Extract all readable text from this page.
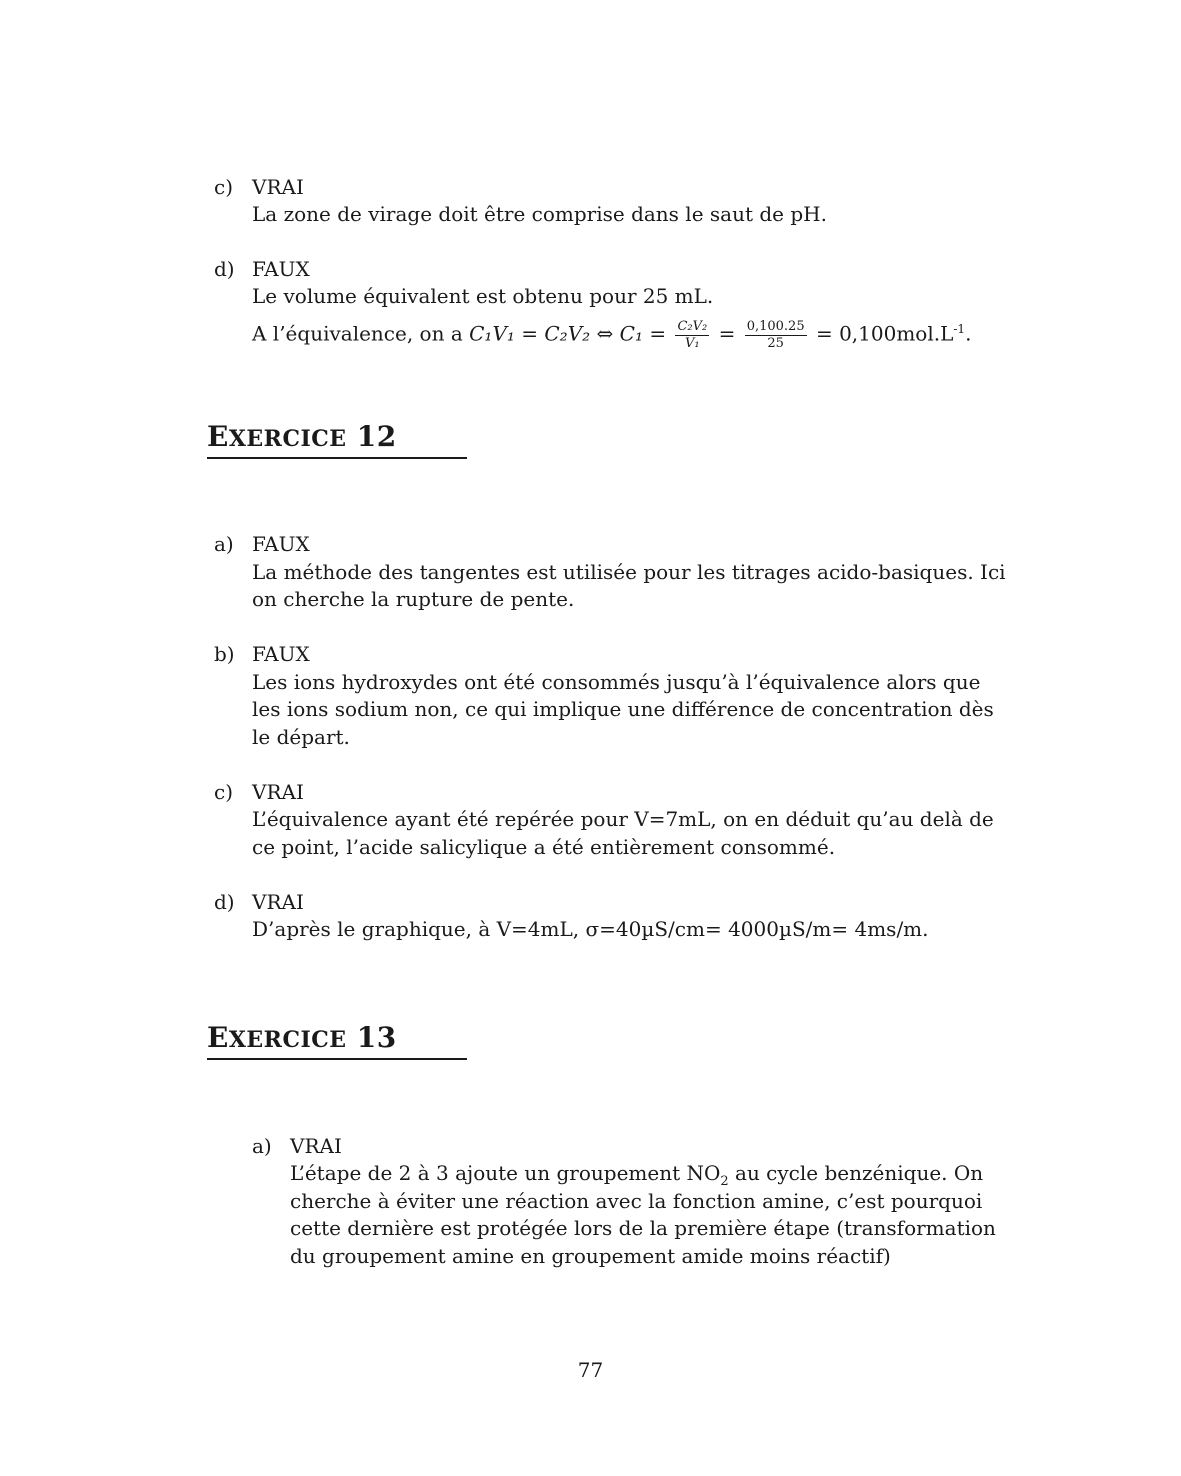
c) VRAI
La zone de virage doit être comprise dans le saut de pH.
d) FAUX
Le volume équivalent est obtenu pour 25 mL.
A l’équivalence, on a C₁V₁ = C₂V₂ ⇔ $C_1 = \frac{\text{C₂V₂}}{\text{V₁}} = \frac{0,100.25}{25} = 0,100mol.L^{-1}$.
EXERCICE 12
a) FAUX
La méthode des tangentes est utilisée pour les titrages acido-basiques. Ici
on cherche la rupture de pente.
b) FAUX
Les ions hydroxydes ont été consommés jusqu’à l’équivalence alors que
les ions sodium non, ce qui implique une différence de concentration dès
le départ.
c) VRAI
L’équivalence ayant été repérée pour V=7mL, on en déduit qu’au delà de
ce point, l’acide salicylique a été entièrement consommé.
d) VRAI
D’après le graphique, à V=4mL, σ=40µS/cm= 4000µS/m= 4ms/m.
EXERCICE 13
a) VRAI
L’étape de 2 à 3 ajoute un groupement $NO_2$ au cycle benzénique. On
cherche à éviter une réaction avec la fonction amine, c’est pourquoi
cette dernière est protégée lors de la première étape (transformation
du groupement amine en groupement amide moins réactif)
77
